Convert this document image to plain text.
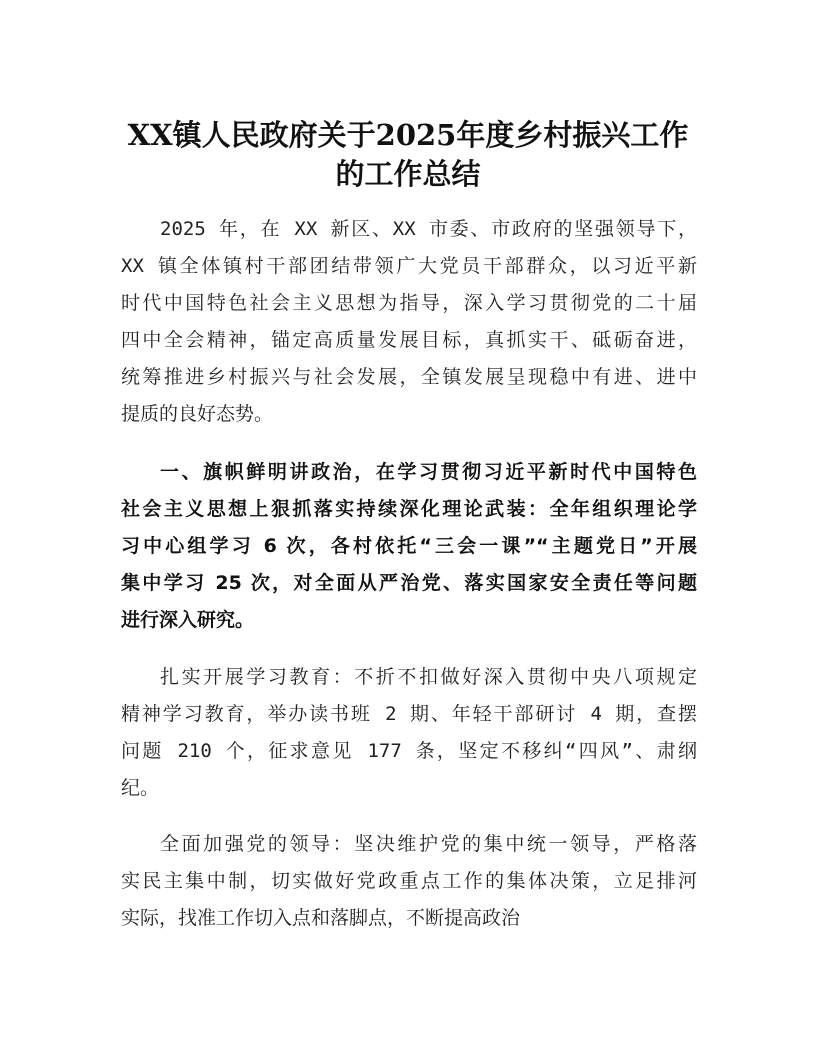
XX镇人民政府关于2025年度乡村振兴工作
的工作总结
2025 年，在 XX 新区、XX 市委、市政府的坚强领导下，
XX 镇全体镇村干部团结带领广大党员干部群众，以习近平新
时代中国特色社会主义思想为指导，深入学习贯彻党的二十届
四中全会精神，锚定高质量发展目标，真抓实干、砥砺奋进，
统筹推进乡村振兴与社会发展，全镇发展呈现稳中有进、进中
提质的良好态势。
一、旗帜鲜明讲政治，在学习贯彻习近平新时代中国特色
社会主义思想上狠抓落实持续深化理论武装：全年组织理论学
习中心组学习 6 次，各村依托“三会一课”“主题党日”开展
集中学习 25 次，对全面从严治党、落实国家安全责任等问题
进行深入研究。
扎实开展学习教育：不折不扣做好深入贯彻中央八项规定
精神学习教育，举办读书班 2 期、年轻干部研讨 4 期，查摆
问题 210 个，征求意见 177 条，坚定不移纠“四风”、肃纲
纪。
全面加强党的领导：坚决维护党的集中统一领导，严格落
实民主集中制，切实做好党政重点工作的集体决策，立足排河
实际，找准工作切入点和落脚点，不断提高政治
